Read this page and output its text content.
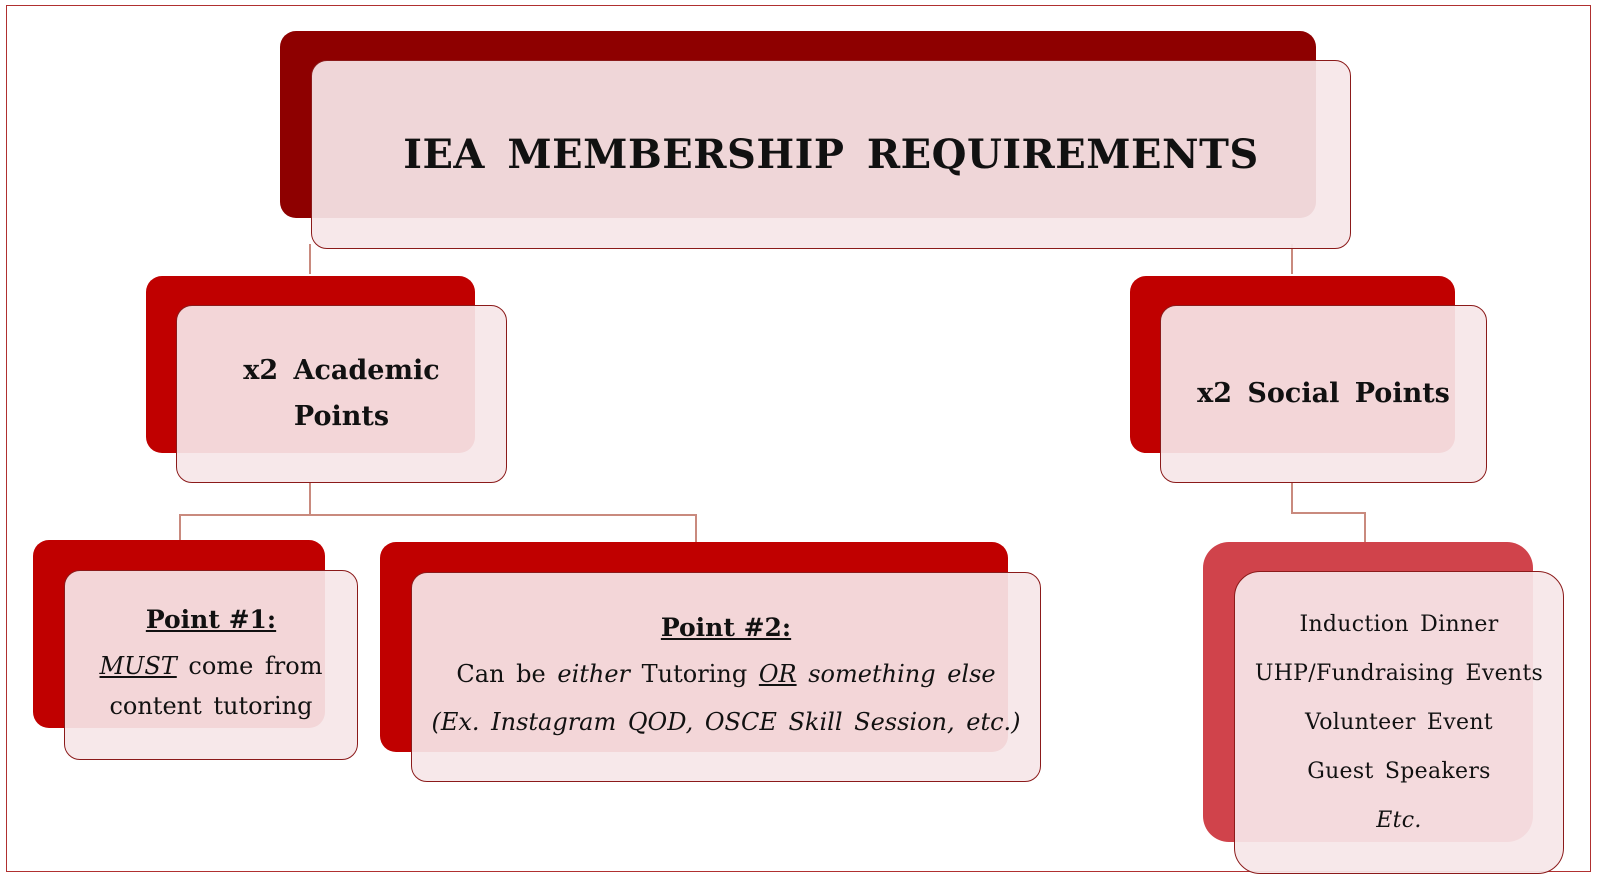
IEA MEMBERSHIP REQUIREMENTS
x2 Academic
Points
x2 Social Points
Point #1:
MUST come from
content tutoring
Point #2:
Can be either Tutoring OR something else
(Ex. Instagram QOD, OSCE Skill Session, etc.)
Induction Dinner
UHP/Fundraising Events
Volunteer Event
Guest Speakers
Etc.
